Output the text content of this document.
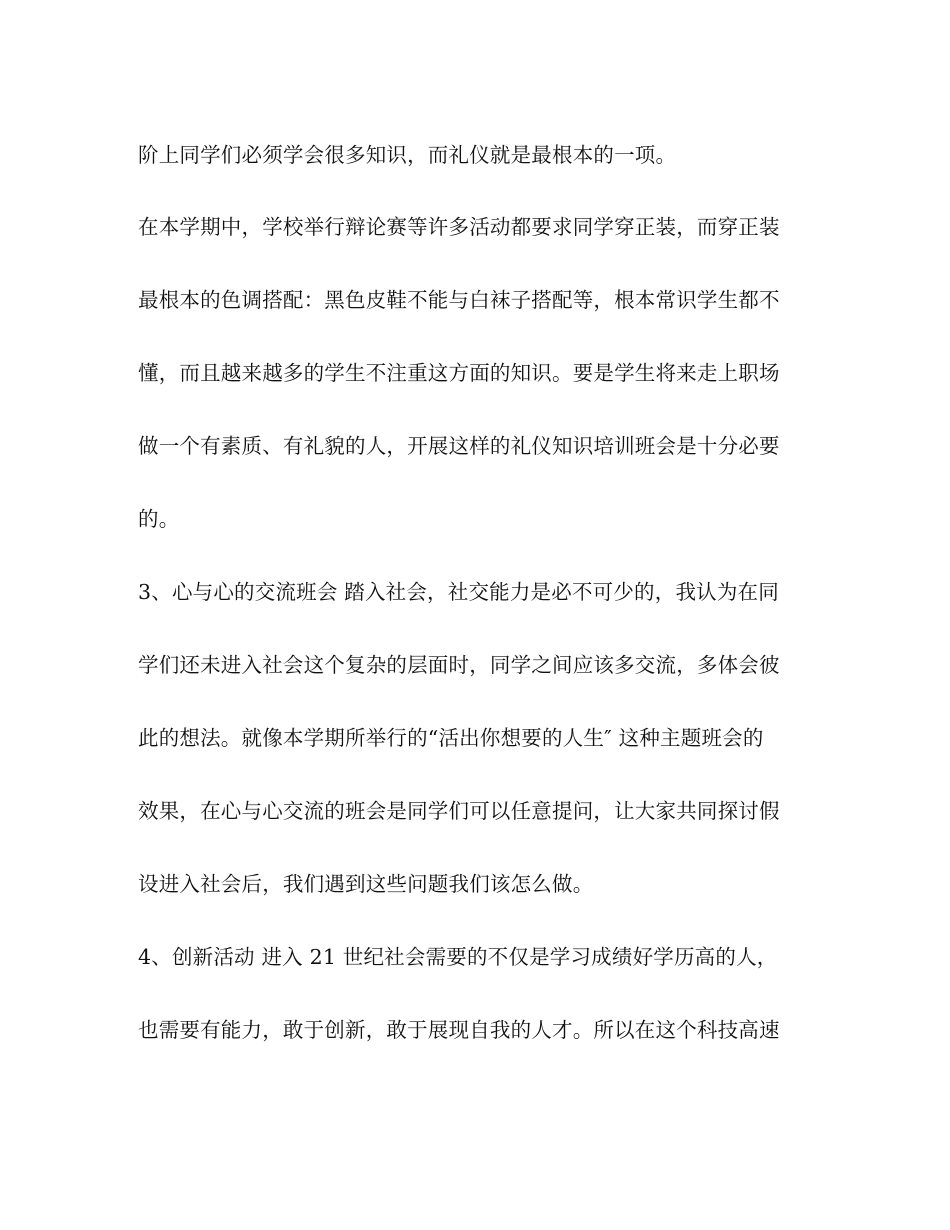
阶上同学们必须学会很多知识，而礼仪就是最根本的一项。
在本学期中，学校举行辩论赛等许多活动都要求同学穿正装，而穿正装
最根本的色调搭配：黑色皮鞋不能与白袜子搭配等，根本常识学生都不
懂，而且越来越多的学生不注重这方面的知识。要是学生将来走上职场
做一个有素质、有礼貌的人，开展这样的礼仪知识培训班会是十分必要
的。
3、心与心的交流班会 踏入社会，社交能力是必不可少的，我认为在同
学们还未进入社会这个复杂的层面时，同学之间应该多交流，多体会彼
此的想法。就像本学期所举行的“活出你想要的人生″ 这种主题班会的
效果，在心与心交流的班会是同学们可以任意提问，让大家共同探讨假
设进入社会后，我们遇到这些问题我们该怎么做。
4、创新活动 进入 21 世纪社会需要的不仅是学习成绩好学历高的人，
也需要有能力，敢于创新，敢于展现自我的人才。所以在这个科技高速
